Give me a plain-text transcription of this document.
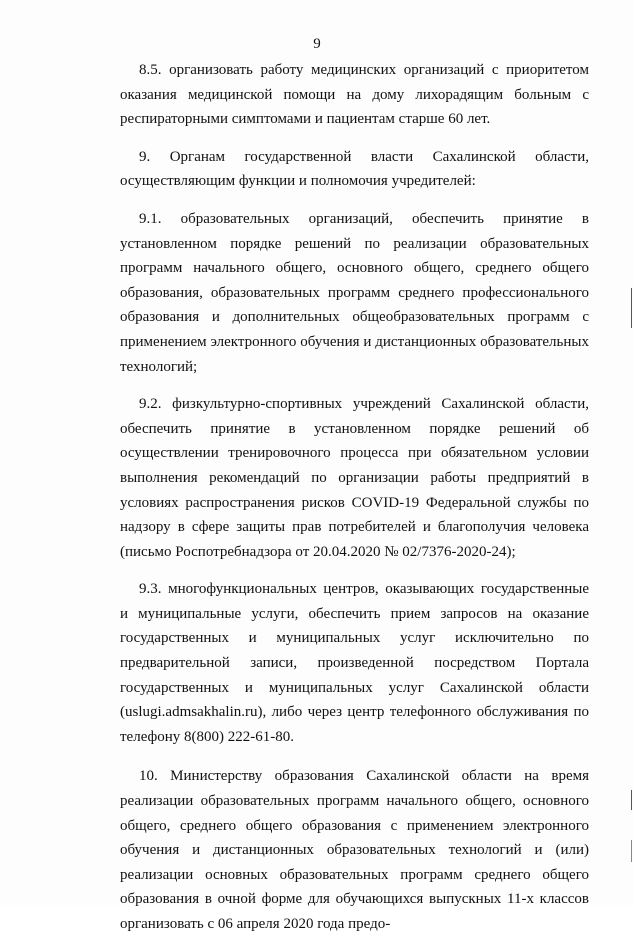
9

8.5. организовать работу медицинских организаций с приоритетом оказания медицинской помощи на дому лихорадящим больным с респираторными симптомами и пациентам старше 60 лет.

9. Органам государственной власти Сахалинской области, осуществляющим функции и полномочия учредителей:

9.1. образовательных организаций, обеспечить принятие в установленном порядке решений по реализации образовательных программ начального общего, основного общего, среднего общего образования, образовательных программ среднего профессионального образования и дополнительных общеобразовательных программ с применением электронного обучения и дистанционных образовательных технологий;

9.2. физкультурно-спортивных учреждений Сахалинской области, обеспечить принятие в установленном порядке решений об осуществлении тренировочного процесса при обязательном условии выполнения рекомендаций по организации работы предприятий в условиях распространения рисков COVID-19 Федеральной службы по надзору в сфере защиты прав потребителей и благополучия человека (письмо Роспотребнадзора от 20.04.2020 № 02/7376-2020-24);

9.3. многофункциональных центров, оказывающих государственные и муниципальные услуги, обеспечить прием запросов на оказание государственных и муниципальных услуг исключительно по предварительной записи, произведенной посредством Портала государственных и муниципальных услуг Сахалинской области (uslugi.admsakhalin.ru), либо через центр телефонного обслуживания по телефону 8(800) 222-61-80.

10. Министерству образования Сахалинской области на время реализации образовательных программ начального общего, основного общего, среднего общего образования с применением электронного обучения и дистанционных образовательных технологий и (или) реализации основных образовательных программ среднего общего образования в очной форме для обучающихся выпускных 11-х классов организовать с 06 апреля 2020 года предо-
